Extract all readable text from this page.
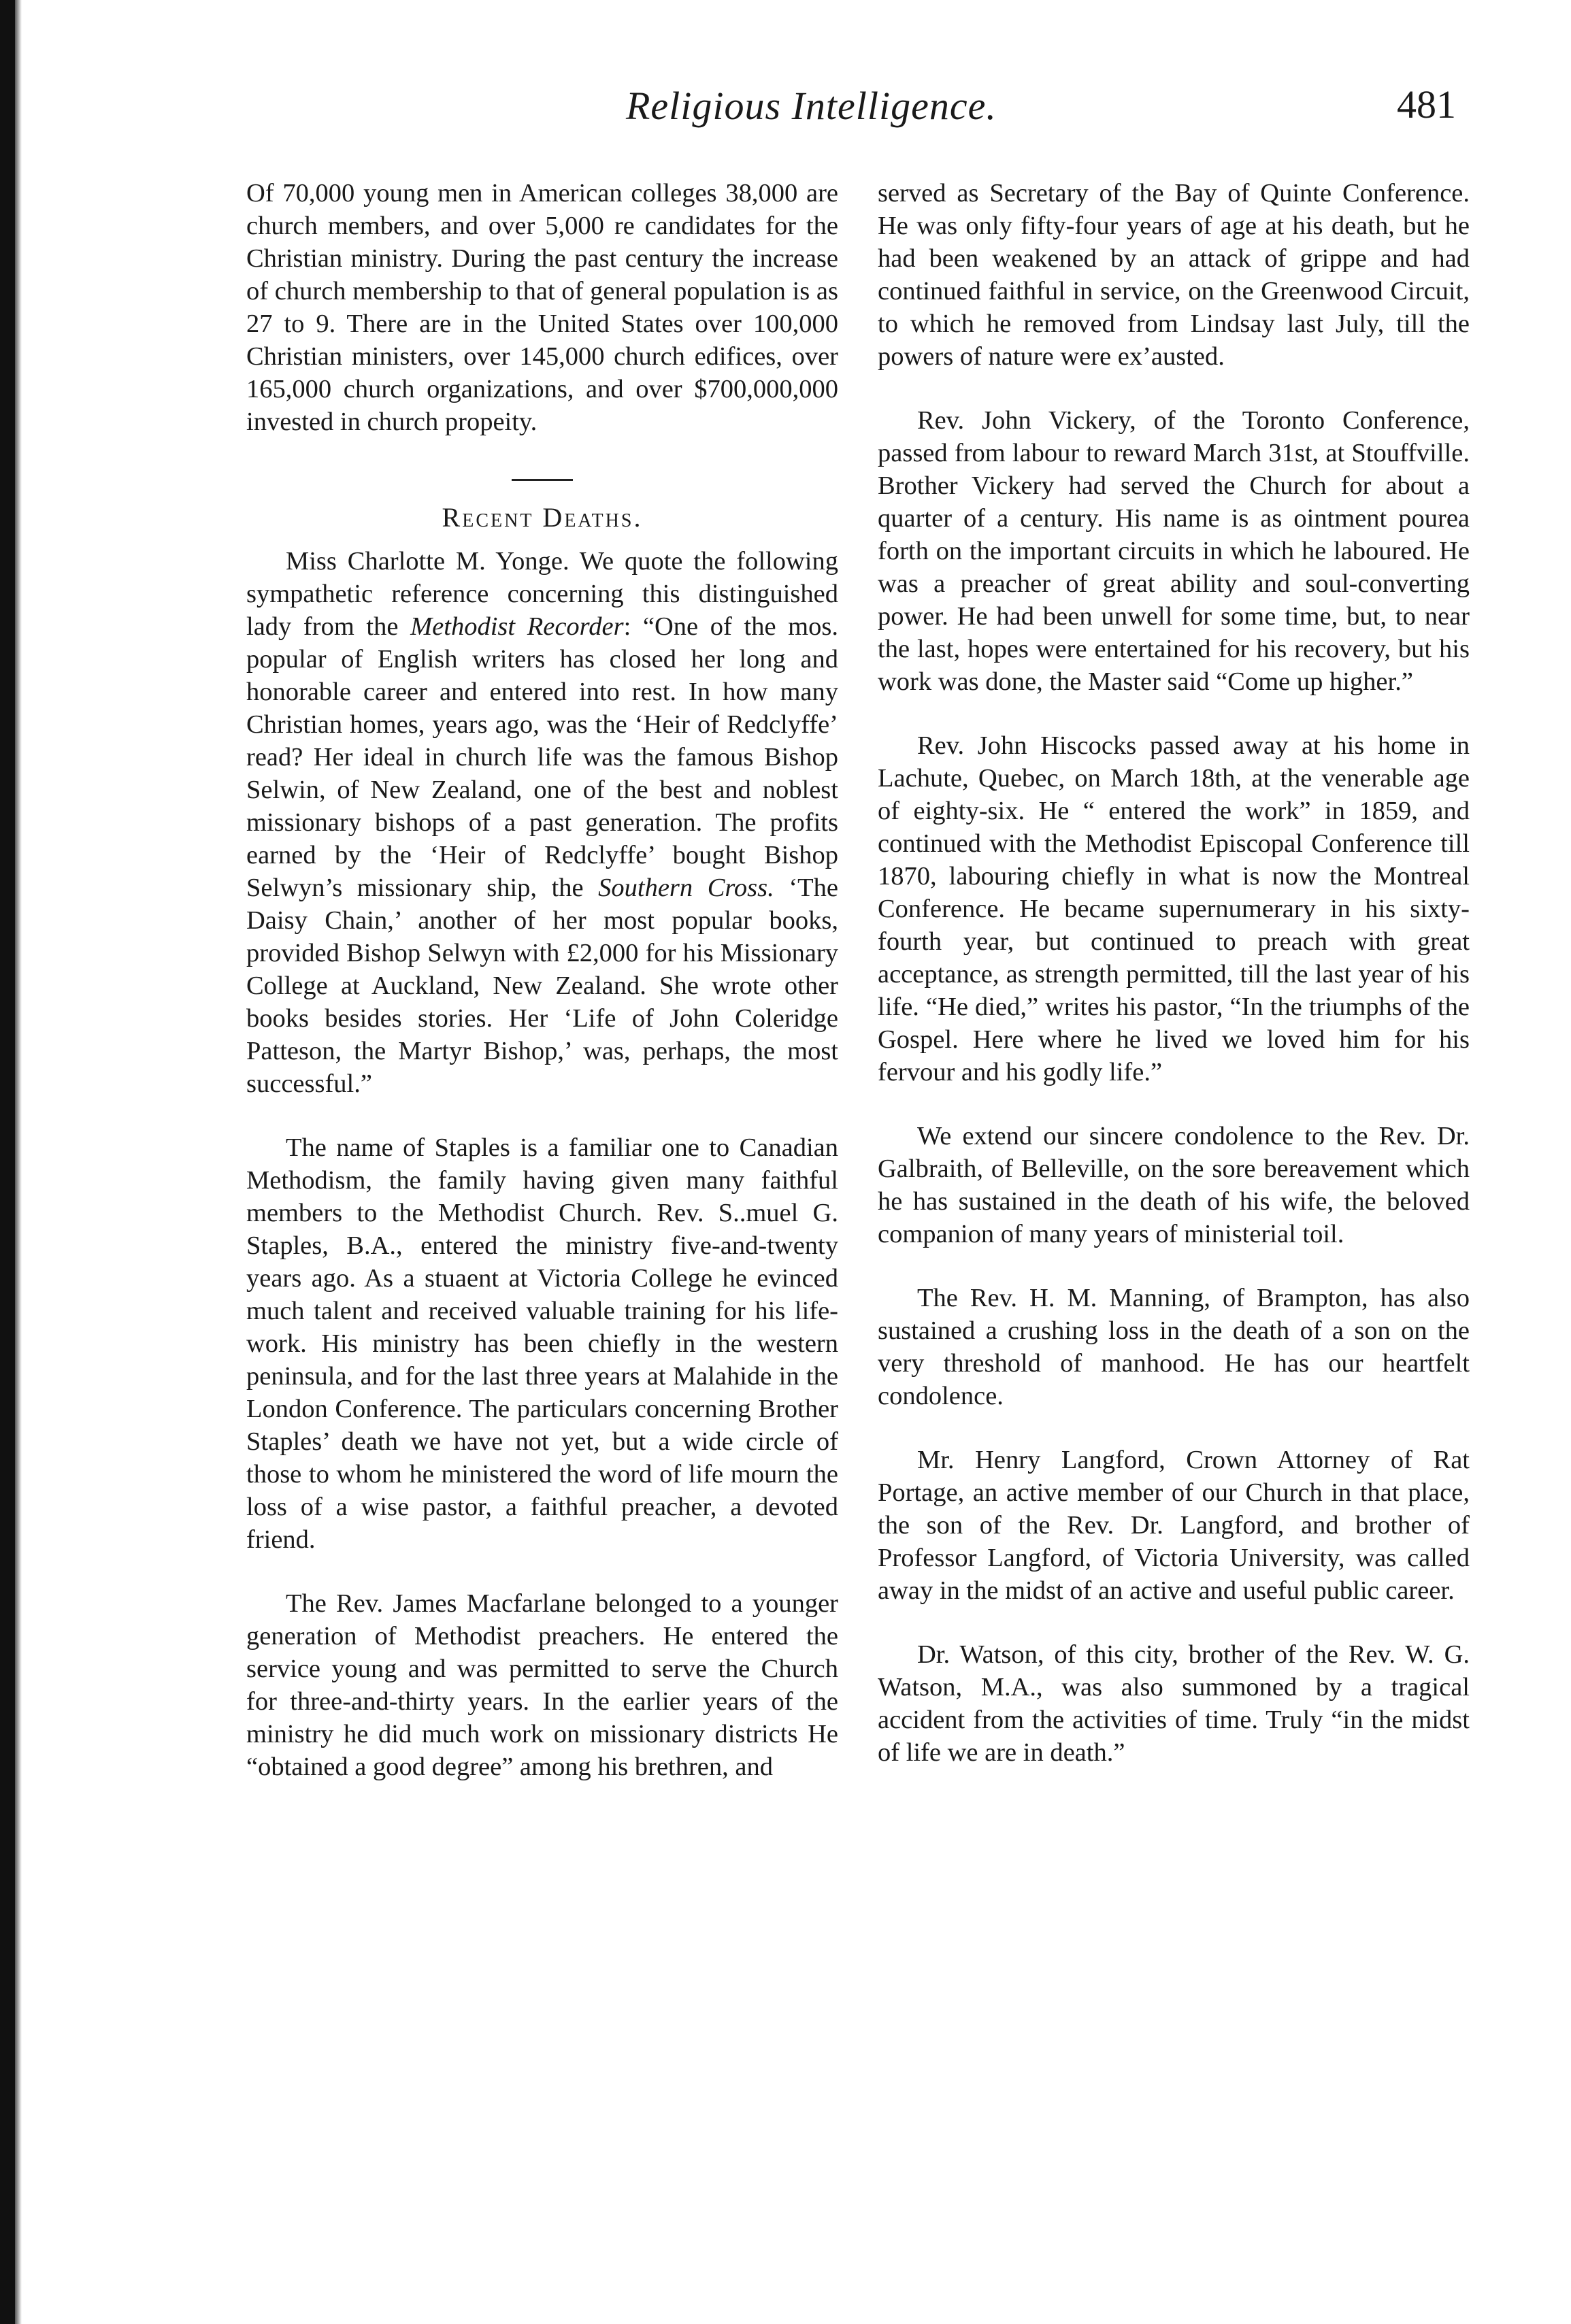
Religious Intelligence.	481

Of 70,000 young men in American colleges 38,000 are church members, and over 5,000 re candidates for the Christian ministry. During the past century the increase of church membership to that of general population is as 27 to 9. There are in the United States over 100,000 Christian ministers, over 145,000 church edifices, over 165,000 church organizations, and over $700,000,000 invested in church propeity.

Recent Deaths.

Miss Charlotte M. Yonge. We quote the following sympathetic reference concerning this distinguished lady from the Methodist Recorder: “One of the mos. popular of English writers has closed her long and honorable career and entered into rest. In how many Christian homes, years ago, was the ‘Heir of Redclyffe’ read? Her ideal in church life was the famous Bishop Selwin, of New Zealand, one of the best and noblest missionary bishops of a past generation. The profits earned by the ‘Heir of Redclyffe’ bought Bishop Selwyn’s missionary ship, the Southern Cross. ‘The Daisy Chain,’ another of her most popular books, provided Bishop Selwyn with £2,000 for his Missionary College at Auckland, New Zealand. She wrote other books besides stories. Her ‘Life of John Coleridge Patteson, the Martyr Bishop,’ was, perhaps, the most successful.”

The name of Staples is a familiar one to Canadian Methodism, the family having given many faithful members to the Methodist Church. Rev. S..muel G. Staples, B.A., entered the ministry five-and-twenty years ago. As a stuaent at Victoria College he evinced much talent and received valuable training for his life-work. His ministry has been chiefly in the western peninsula, and for the last three years at Malahide in the London Conference. The particulars concerning Brother Staples’ death we have not yet, but a wide circle of those to whom he ministered the word of life mourn the loss of a wise pastor, a faithful preacher, a devoted friend.

The Rev. James Macfarlane belonged to a younger generation of Methodist preachers. He entered the service young and was permitted to serve the Church for three-and-thirty years. In the earlier years of the ministry he did much work on missionary districts He “obtained a good degree” among his brethren, and

served as Secretary of the Bay of Quinte Conference. He was only fifty-four years of age at his death, but he had been weakened by an attack of grippe and had continued faithful in service, on the Greenwood Circuit, to which he removed from Lindsay last July, till the powers of nature were ex’austed.

Rev. John Vickery, of the Toronto Conference, passed from labour to reward March 31st, at Stouffville. Brother Vickery had served the Church for about a quarter of a century. His name is as ointment pourea forth on the important circuits in which he laboured. He was a preacher of great ability and soul-converting power. He had been unwell for some time, but, to near the last, hopes were entertained for his recovery, but his work was done, the Master said “Come up higher.”

Rev. John Hiscocks passed away at his home in Lachute, Quebec, on March 18th, at the venerable age of eighty-six. He “ entered the work” in 1859, and continued with the Methodist Episcopal Conference till 1870, labouring chiefly in what is now the Montreal Conference. He became supernumerary in his sixty-fourth year, but continued to preach with great acceptance, as strength permitted, till the last year of his life. “He died,” writes his pastor, “In the triumphs of the Gospel. Here where he lived we loved him for his fervour and his godly life.”

We extend our sincere condolence to the Rev. Dr. Galbraith, of Belleville, on the sore bereavement which he has sustained in the death of his wife, the beloved companion of many years of ministerial toil.

The Rev. H. M. Manning, of Brampton, has also sustained a crushing loss in the death of a son on the very threshold of manhood. He has our heartfelt condolence.

Mr. Henry Langford, Crown Attorney of Rat Portage, an active member of our Church in that place, the son of the Rev. Dr. Langford, and brother of Professor Langford, of Victoria University, was called away in the midst of an active and useful public career.

Dr. Watson, of this city, brother of the Rev. W. G. Watson, M.A., was also summoned by a tragical accident from the activities of time. Truly “in the midst of life we are in death.”
